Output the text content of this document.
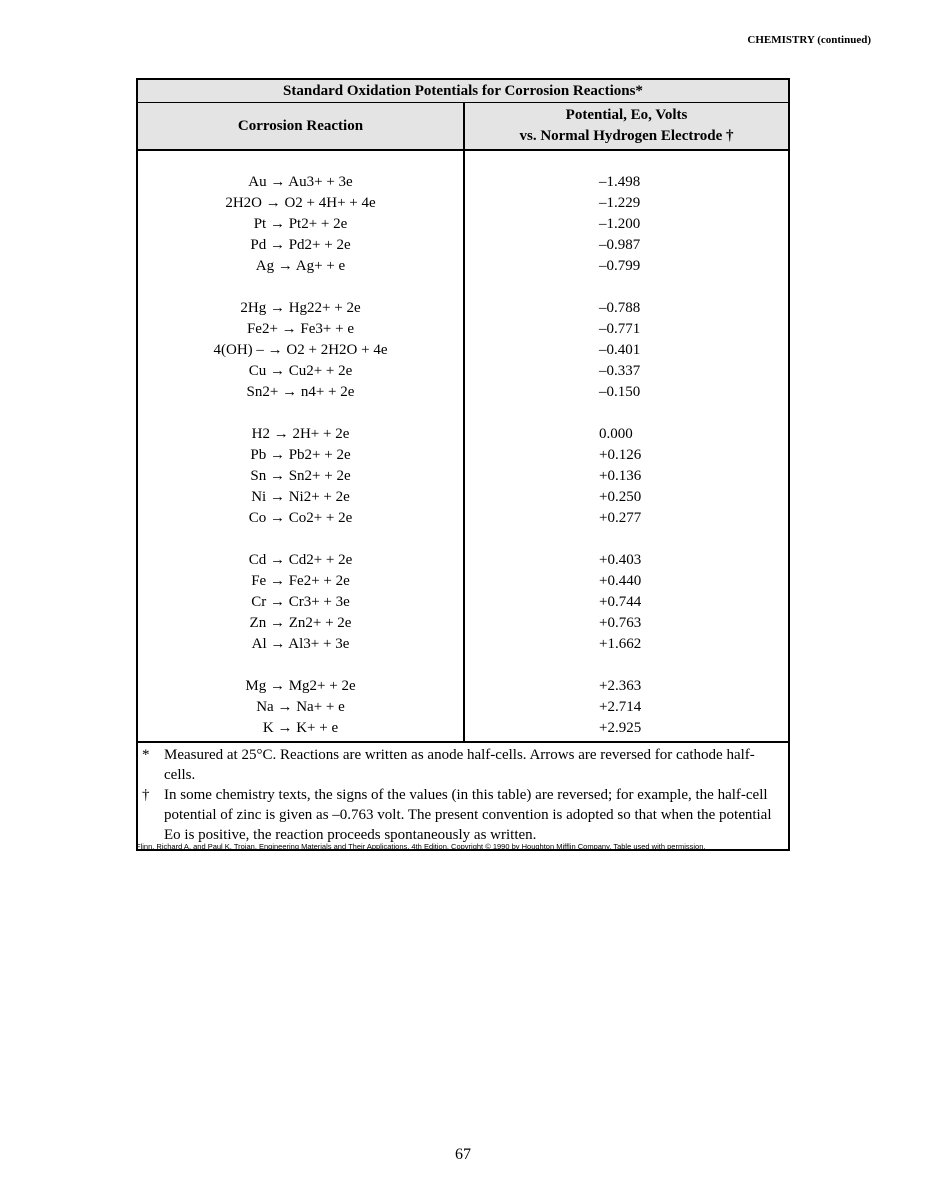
CHEMISTRY (continued)
Standard Oxidation Potentials for Corrosion Reactions*
Corrosion Reaction
Potential, Eo, Volts
vs. Normal Hydrogen Electrode †
Au → Au3+ + 3e
2H2O → O2 + 4H+ + 4e
Pt → Pt2+ + 2e
Pd → Pd2+ + 2e
Ag → Ag+ + e
2Hg → Hg22+ + 2e
Fe2+ → Fe3+ + e
4(OH) – → O2 + 2H2O + 4e
Cu → Cu2+ + 2e
Sn2+ → n4+ + 2e
H2 → 2H+ + 2e
Pb → Pb2+ + 2e
Sn → Sn2+ + 2e
Ni → Ni2+ + 2e
Co → Co2+ + 2e
Cd → Cd2+ + 2e
Fe → Fe2+ + 2e
Cr → Cr3+ + 3e
Zn → Zn2+ + 2e
Al → Al3+ + 3e
Mg → Mg2+ + 2e
Na → Na+ + e
K → K+ + e
–1.498
–1.229
–1.200
–0.987
–0.799
–0.788
–0.771
–0.401
–0.337
–0.150
0.000
+0.126
+0.136
+0.250
+0.277
+0.403
+0.440
+0.744
+0.763
+1.662
+2.363
+2.714
+2.925
* Measured at 25°C. Reactions are written as anode half-cells. Arrows are reversed for cathode half-cells.
† In some chemistry texts, the signs of the values (in this table) are reversed; for example, the half-cell potential of zinc is given as –0.763 volt. The present convention is adopted so that when the potential Eo is positive, the reaction proceeds spontaneously as written.
Flinn, Richard A. and Paul K. Trojan, Engineering Materials and Their Applications, 4th Edition. Copyright © 1990 by Houghton Mifflin Company. Table used with permission.
67
